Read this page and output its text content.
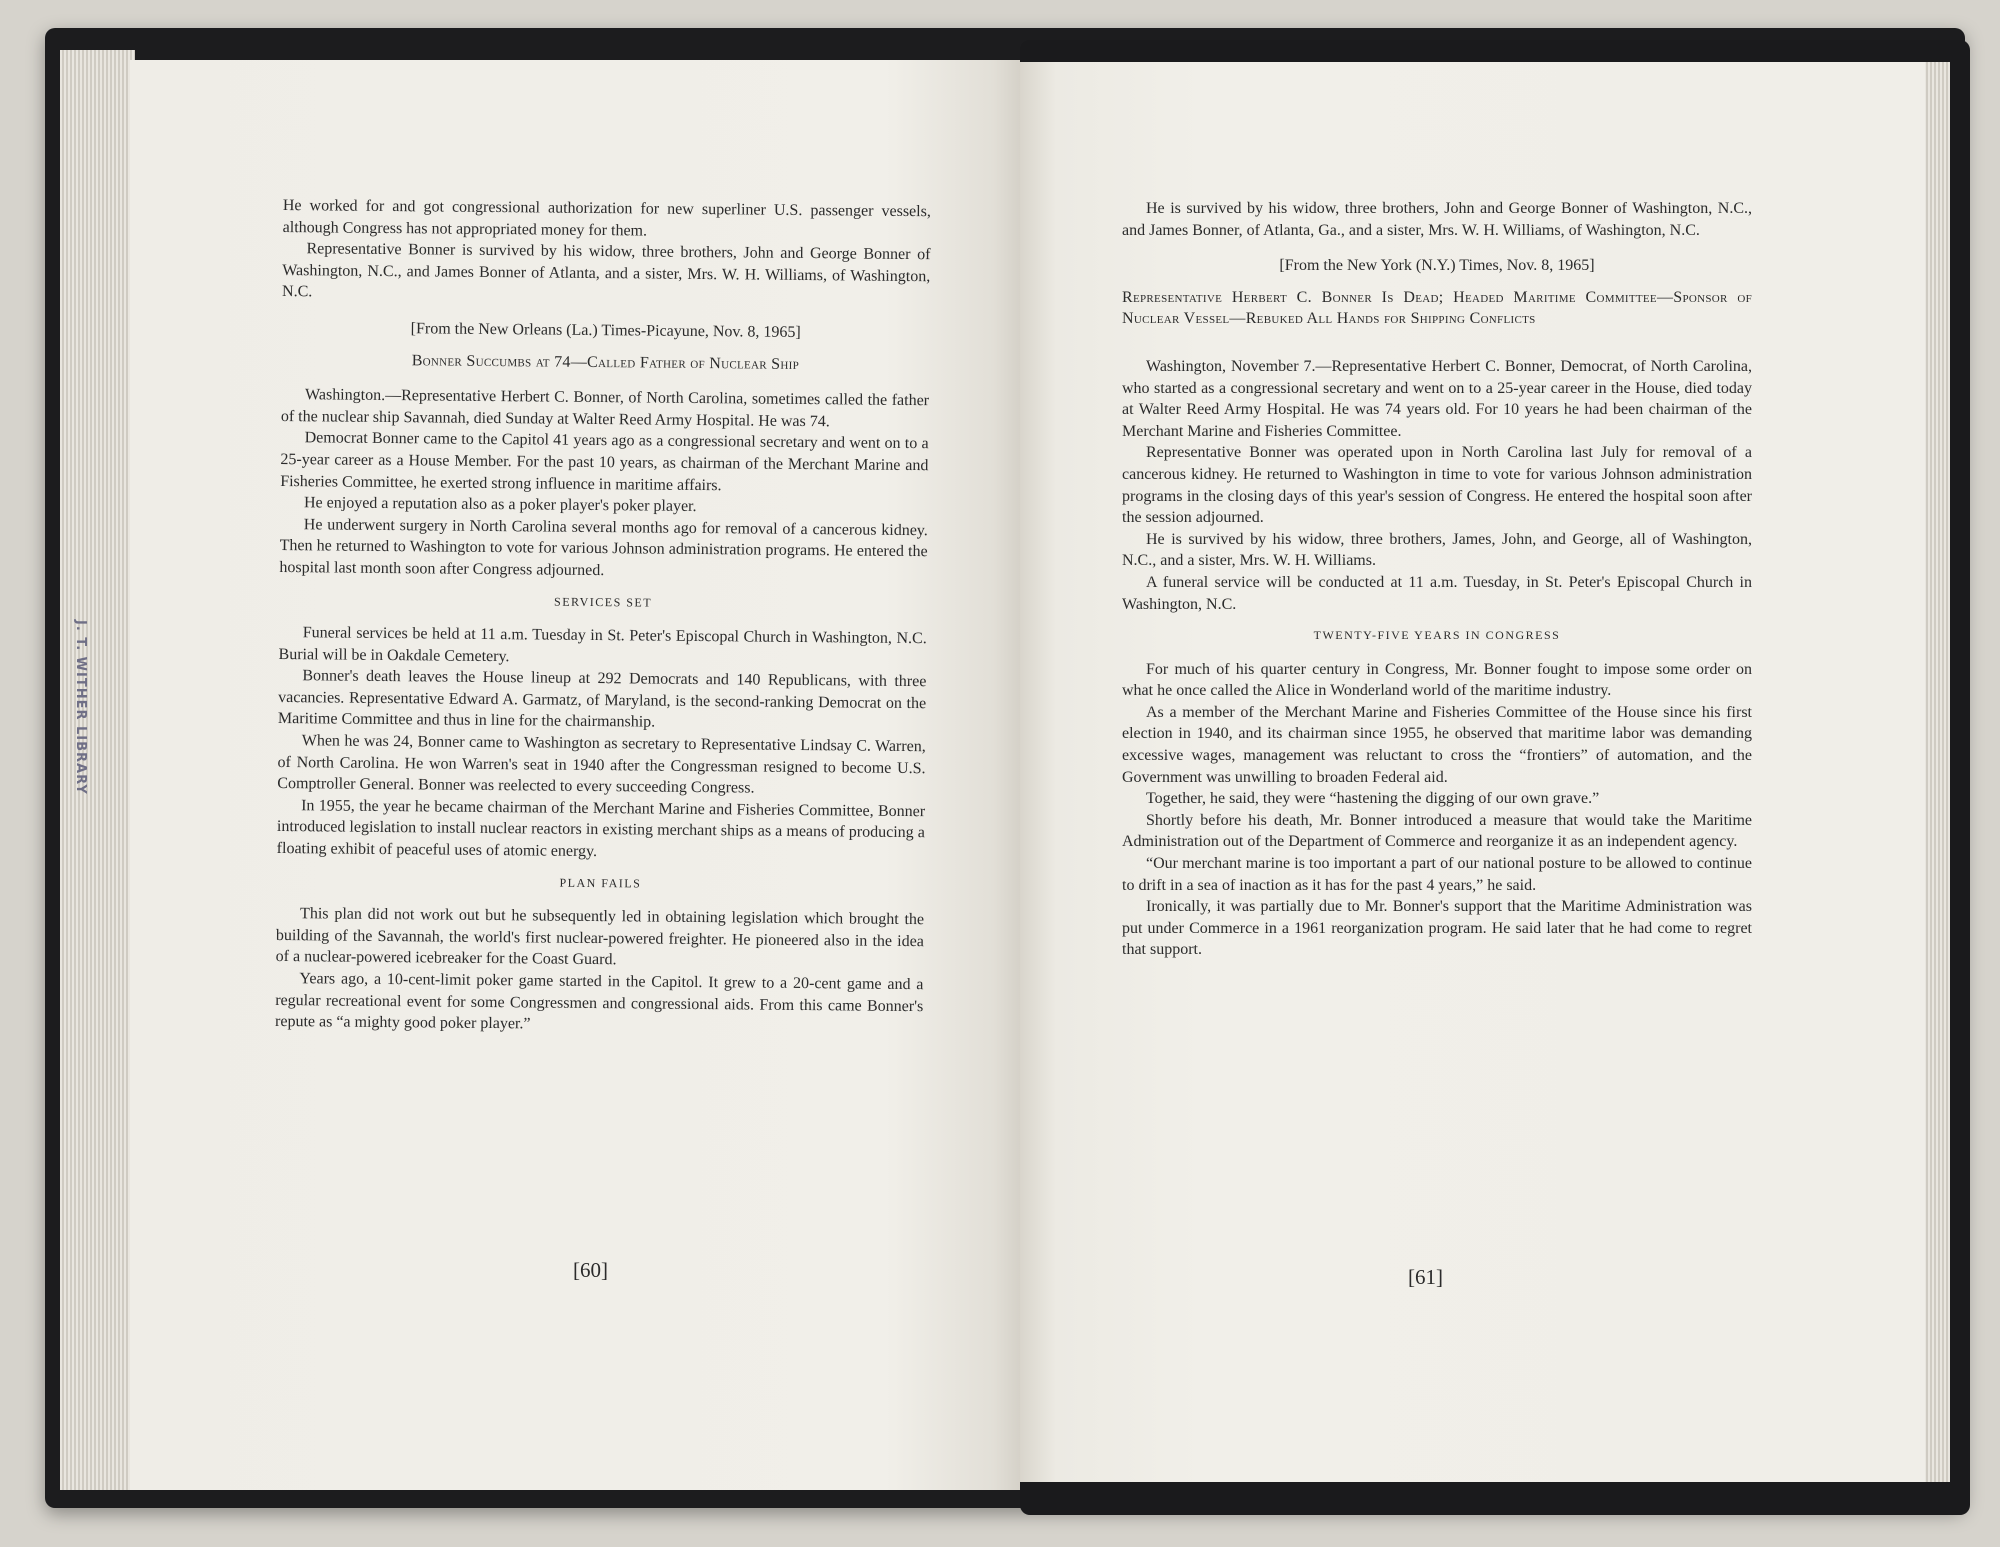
J. T. WITHER LIBRARY

He worked for and got congressional authorization for new superliner U.S. passenger vessels, although Congress has not appropriated money for them.

Representative Bonner is survived by his widow, three brothers, John and George Bonner of Washington, N.C., and James Bonner of Atlanta, and a sister, Mrs. W. H. Williams, of Washington, N.C.

[From the New Orleans (La.) Times-Picayune, Nov. 8, 1965]

Bonner Succumbs at 74—Called Father of Nuclear Ship

Washington.—Representative Herbert C. Bonner, of North Carolina, sometimes called the father of the nuclear ship Savannah, died Sunday at Walter Reed Army Hospital. He was 74.

Democrat Bonner came to the Capitol 41 years ago as a congressional secretary and went on to a 25-year career as a House Member. For the past 10 years, as chairman of the Merchant Marine and Fisheries Committee, he exerted strong influence in maritime affairs.

He enjoyed a reputation also as a poker player's poker player.

He underwent surgery in North Carolina several months ago for removal of a cancerous kidney. Then he returned to Washington to vote for various Johnson administration programs. He entered the hospital last month soon after Congress adjourned.

SERVICES SET

Funeral services be held at 11 a.m. Tuesday in St. Peter's Episcopal Church in Washington, N.C. Burial will be in Oakdale Cemetery.

Bonner's death leaves the House lineup at 292 Democrats and 140 Republicans, with three vacancies. Representative Edward A. Garmatz, of Maryland, is the second-ranking Democrat on the Maritime Committee and thus in line for the chairmanship.

When he was 24, Bonner came to Washington as secretary to Representative Lindsay C. Warren, of North Carolina. He won Warren's seat in 1940 after the Congressman resigned to become U.S. Comptroller General. Bonner was reelected to every succeeding Congress.

In 1955, the year he became chairman of the Merchant Marine and Fisheries Committee, Bonner introduced legislation to install nuclear reactors in existing merchant ships as a means of producing a floating exhibit of peaceful uses of atomic energy.

PLAN FAILS

This plan did not work out but he subsequently led in obtaining legislation which brought the building of the Savannah, the world's first nuclear-powered freighter. He pioneered also in the idea of a nuclear-powered icebreaker for the Coast Guard.

Years ago, a 10-cent-limit poker game started in the Capitol. It grew to a 20-cent game and a regular recreational event for some Congressmen and congressional aids. From this came Bonner's repute as “a mighty good poker player.”

[60]

He is survived by his widow, three brothers, John and George Bonner of Washington, N.C., and James Bonner, of Atlanta, Ga., and a sister, Mrs. W. H. Williams, of Washington, N.C.

[From the New York (N.Y.) Times, Nov. 8, 1965]

Representative Herbert C. Bonner Is Dead; Headed Maritime Committee—Sponsor of Nuclear Vessel—Rebuked All Hands for Shipping Conflicts

Washington, November 7.—Representative Herbert C. Bonner, Democrat, of North Carolina, who started as a congressional secretary and went on to a 25-year career in the House, died today at Walter Reed Army Hospital. He was 74 years old. For 10 years he had been chairman of the Merchant Marine and Fisheries Committee.

Representative Bonner was operated upon in North Carolina last July for removal of a cancerous kidney. He returned to Washington in time to vote for various Johnson administration programs in the closing days of this year's session of Congress. He entered the hospital soon after the session adjourned.

He is survived by his widow, three brothers, James, John, and George, all of Washington, N.C., and a sister, Mrs. W. H. Williams.

A funeral service will be conducted at 11 a.m. Tuesday, in St. Peter's Episcopal Church in Washington, N.C.

TWENTY-FIVE YEARS IN CONGRESS

For much of his quarter century in Congress, Mr. Bonner fought to impose some order on what he once called the Alice in Wonderland world of the maritime industry.

As a member of the Merchant Marine and Fisheries Committee of the House since his first election in 1940, and its chairman since 1955, he observed that maritime labor was demanding excessive wages, management was reluctant to cross the “frontiers” of automation, and the Government was unwilling to broaden Federal aid.

Together, he said, they were “hastening the digging of our own grave.”

Shortly before his death, Mr. Bonner introduced a measure that would take the Maritime Administration out of the Department of Commerce and reorganize it as an independent agency.

“Our merchant marine is too important a part of our national posture to be allowed to continue to drift in a sea of inaction as it has for the past 4 years,” he said.

Ironically, it was partially due to Mr. Bonner's support that the Maritime Administration was put under Commerce in a 1961 reorganization program. He said later that he had come to regret that support.

[61]
